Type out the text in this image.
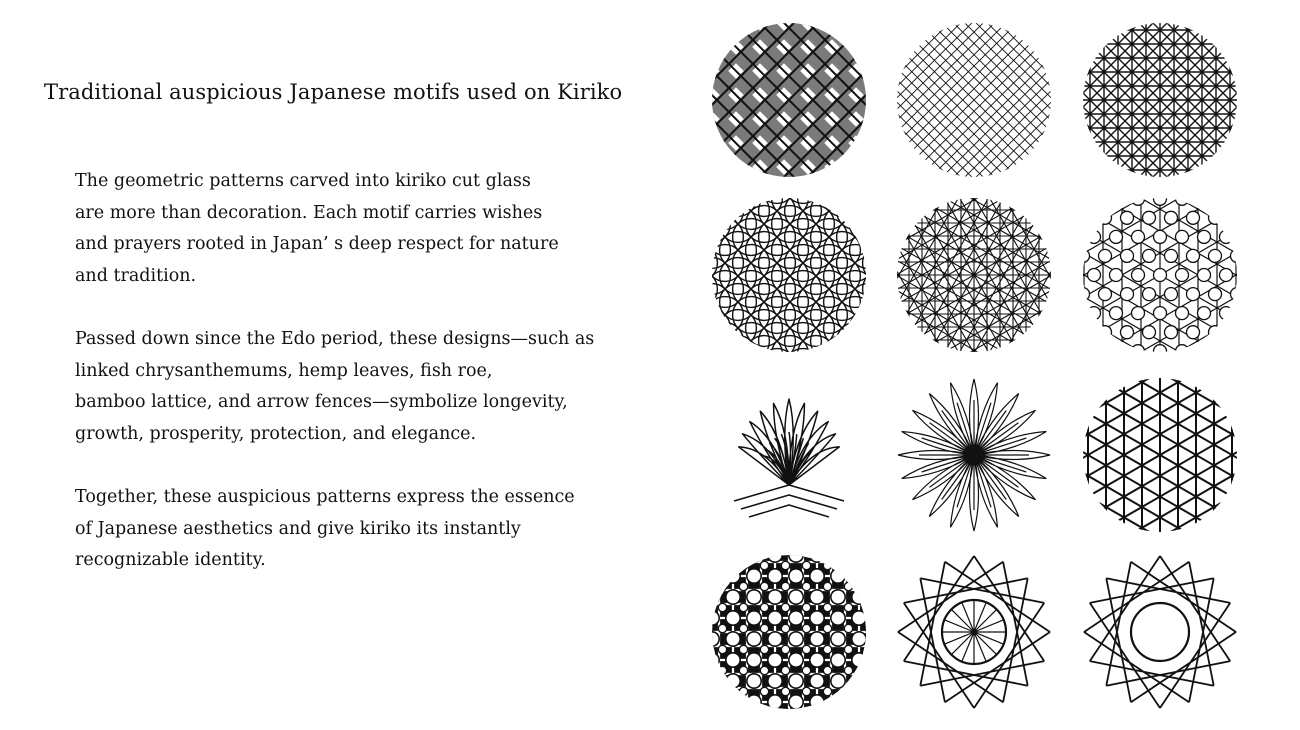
Traditional auspicious Japanese motifs used on Kiriko

The geometric patterns carved into kiriko cut glass
are more than decoration. Each motif carries wishes
and prayers rooted in Japan’ s deep respect for nature
and tradition.

Passed down since the Edo period, these designs—such as
linked chrysanthemums, hemp leaves, fish roe,
bamboo lattice, and arrow fences—symbolize longevity,
growth, prosperity, protection, and elegance.

Together, these auspicious patterns express the essence
of Japanese aesthetics and give kiriko its instantly
recognizable identity.
